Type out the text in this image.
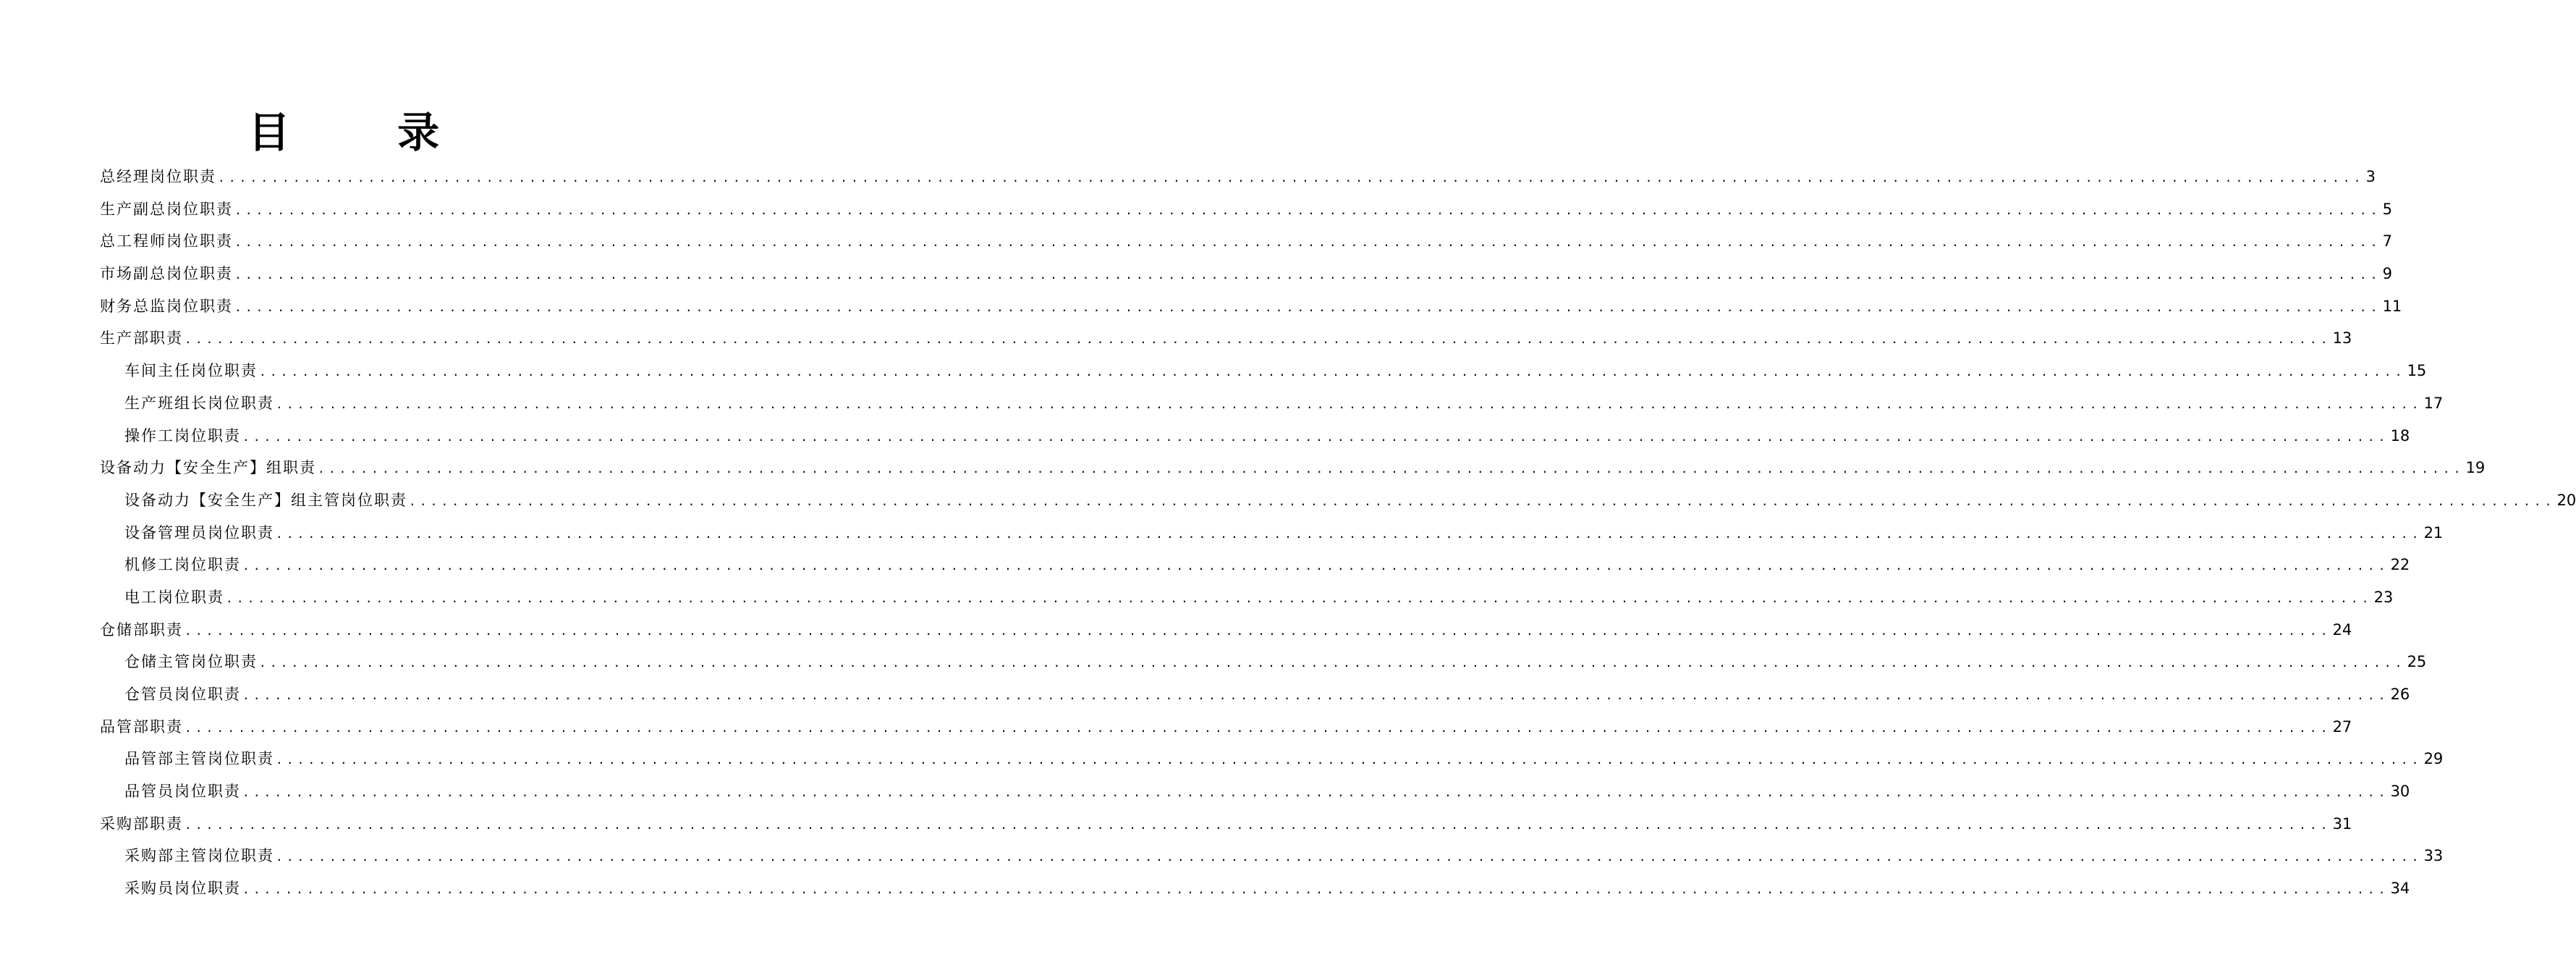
目 录
总经理岗位职责 ........................................................................................................................................................................................................ 3
生产副总岗位职责 ........................................................................................................................................................................................................ 5
总工程师岗位职责 ........................................................................................................................................................................................................ 7
市场副总岗位职责 ........................................................................................................................................................................................................ 9
财务总监岗位职责 ........................................................................................................................................................................................................ 11
生产部职责 ........................................................................................................................................................................................................ 13
车间主任岗位职责 ........................................................................................................................................................................................................ 15
生产班组长岗位职责 ........................................................................................................................................................................................................ 17
操作工岗位职责 ........................................................................................................................................................................................................ 18
设备动力【安全生产】组职责 ........................................................................................................................................................................................................ 19
设备动力【安全生产】组主管岗位职责 ........................................................................................................................................................................................................ 20
设备管理员岗位职责 ........................................................................................................................................................................................................ 21
机修工岗位职责 ........................................................................................................................................................................................................ 22
电工岗位职责 ........................................................................................................................................................................................................ 23
仓储部职责 ........................................................................................................................................................................................................ 24
仓储主管岗位职责 ........................................................................................................................................................................................................ 25
仓管员岗位职责 ........................................................................................................................................................................................................ 26
品管部职责 ........................................................................................................................................................................................................ 27
品管部主管岗位职责 ........................................................................................................................................................................................................ 29
品管员岗位职责 ........................................................................................................................................................................................................ 30
采购部职责 ........................................................................................................................................................................................................ 31
采购部主管岗位职责 ........................................................................................................................................................................................................ 33
采购员岗位职责 ........................................................................................................................................................................................................ 34
